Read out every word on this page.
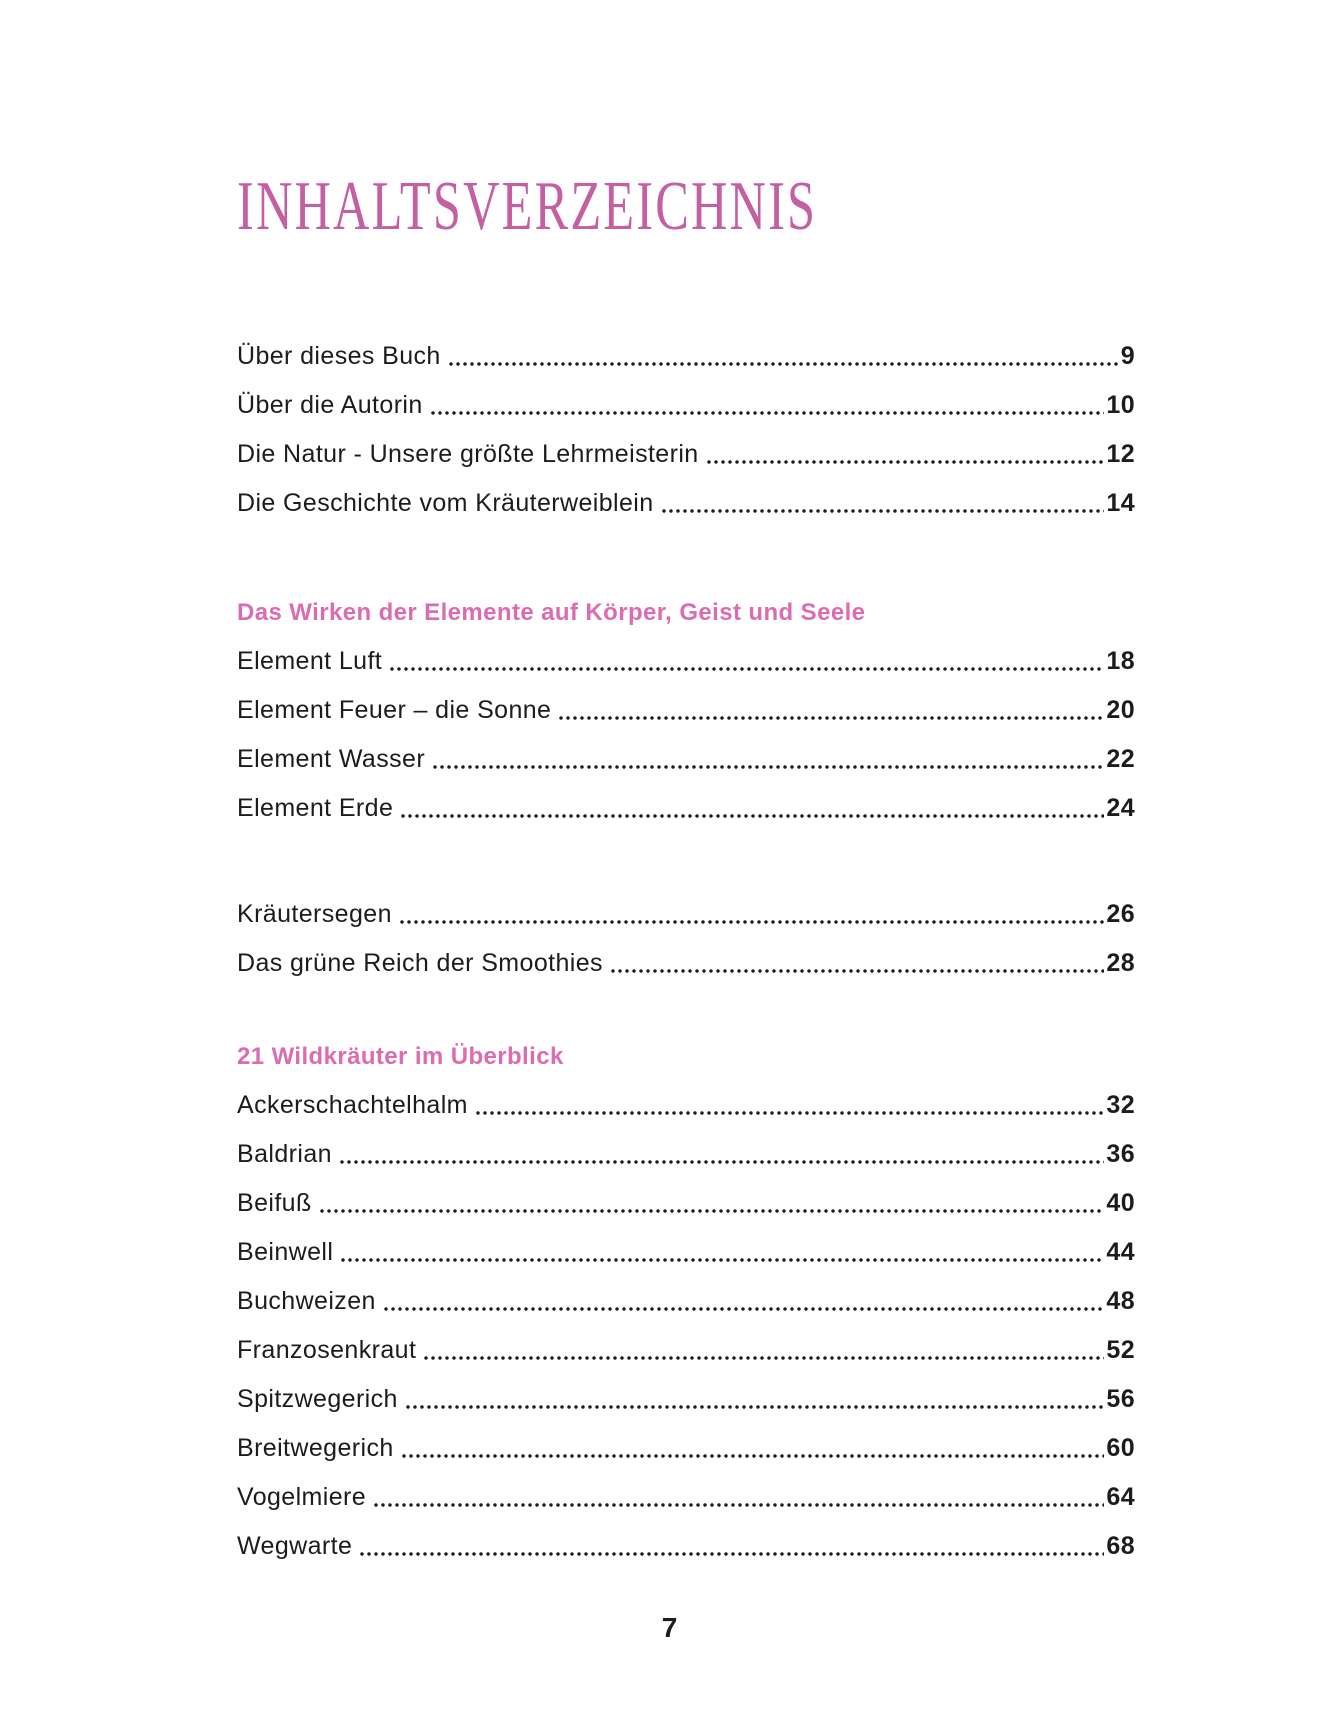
INHALTSVERZEICHNIS
Über dieses Buch	9
Über die Autorin	10
Die Natur - Unsere größte Lehrmeisterin	12
Die Geschichte vom Kräuterweiblein	14
Das Wirken der Elemente auf Körper, Geist und Seele
Element Luft	18
Element Feuer – die Sonne	20
Element Wasser	22
Element Erde	24
Kräutersegen	26
Das grüne Reich der Smoothies	28
21 Wildkräuter im Überblick
Ackerschachtelhalm	32
Baldrian	36
Beifuß	40
Beinwell	44
Buchweizen	48
Franzosenkraut	52
Spitzwegerich	56
Breitwegerich	60
Vogelmiere	64
Wegwarte	68
7
